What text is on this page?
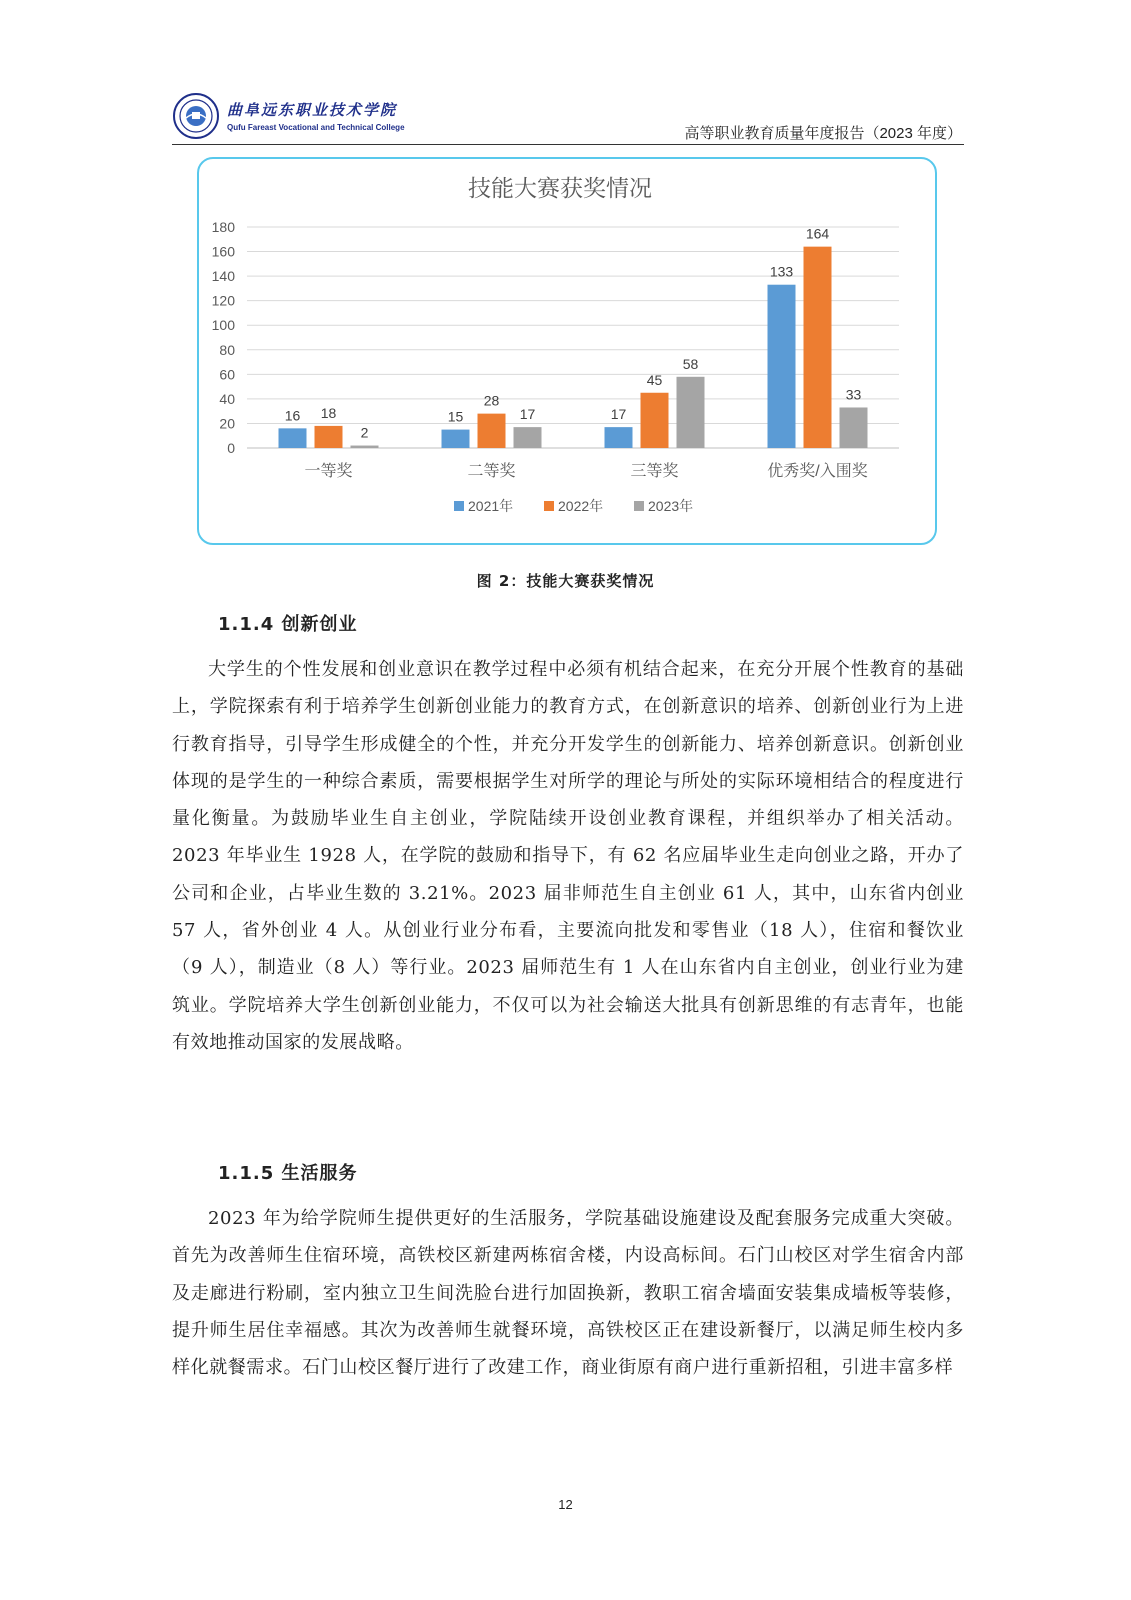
曲阜远东职业技术学院
Qufu Fareast Vocational and Technical College	高等职业教育质量年度报告（2023 年度）
技能大赛获奖情况
0
20
40
60
80
100
120
140
160
180
16 18
2
一等奖
15
28
17
二等奖
17
45
58
三等奖
133
164
33
优秀奖/入围奖
2021年	2022年	2023年
图 2：技能大赛获奖情况
1.1.4 创新创业
大学生的个性发展和创业意识在教学过程中必须有机结合起来，在充分开展个性教育的基础上，学院探索有利于培养学生创新创业能力的教育方式，在创新意识的培养、创新创业行为上进行教育指导，引导学生形成健全的个性，并充分开发学生的创新能力、培养创新意识。创新创业体现的是学生的一种综合素质，需要根据学生对所学的理论与所处的实际环境相结合的程度进行量化衡量。为鼓励毕业生自主创业，学院陆续开设创业教育课程，并组织举办了相关活动。2023 年毕业生 1928 人，在学院的鼓励和指导下，有 62 名应届毕业生走向创业之路，开办了公司和企业，占毕业生数的 3.21%。2023 届非师范生自主创业 61 人，其中，山东省内创业 57 人，省外创业 4 人。从创业行业分布看，主要流向批发和零售业（18 人），住宿和餐饮业（9 人），制造业（8 人）等行业。2023 届师范生有 1 人在山东省内自主创业，创业行业为建筑业。学院培养大学生创新创业能力，不仅可以为社会输送大批具有创新思维的有志青年，也能有效地推动国家的发展战略。
1.1.5 生活服务
2023 年为给学院师生提供更好的生活服务，学院基础设施建设及配套服务完成重大突破。首先为改善师生住宿环境，高铁校区新建两栋宿舍楼，内设高标间。石门山校区对学生宿舍内部及走廊进行粉刷，室内独立卫生间洗脸台进行加固换新，教职工宿舍墙面安装集成墙板等装修，提升师生居住幸福感。其次为改善师生就餐环境，高铁校区正在建设新餐厅，以满足师生校内多样化就餐需求。石门山校区餐厅进行了改建工作，商业街原有商户进行重新招租，引进丰富多样
12
